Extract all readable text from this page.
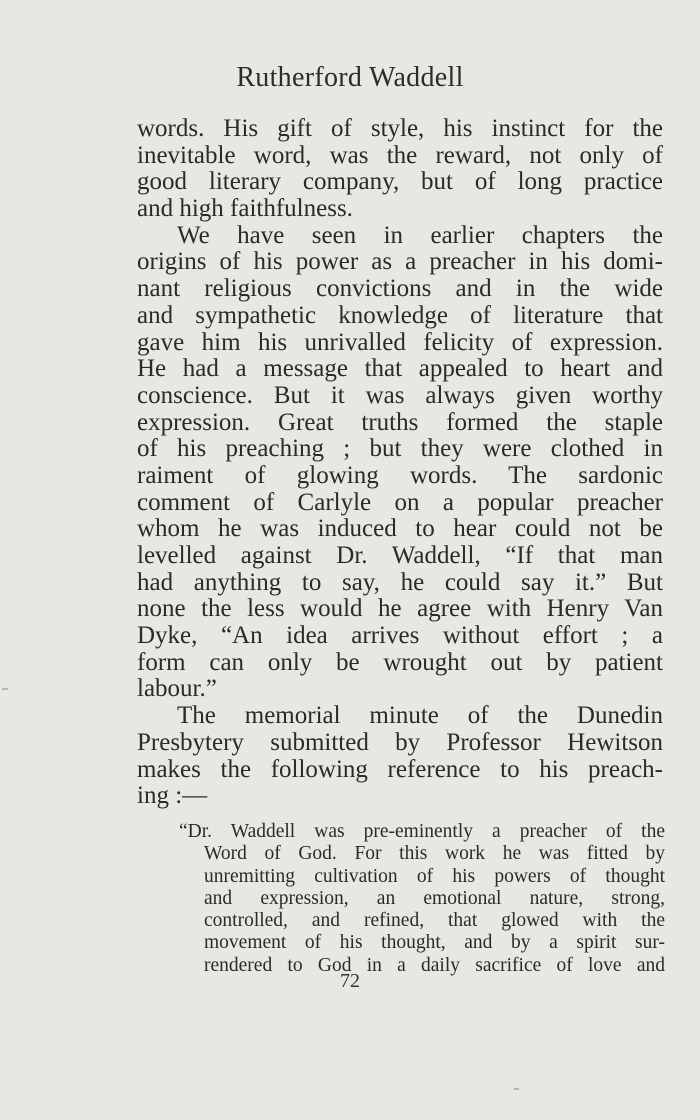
Rutherford Waddell
words. His gift of style, his instinct for the
inevitable word, was the reward, not only of
good literary company, but of long practice
and high faithfulness.
We have seen in earlier chapters the
origins of his power as a preacher in his domi-
nant religious convictions and in the wide
and sympathetic knowledge of literature that
gave him his unrivalled felicity of expression.
He had a message that appealed to heart and
conscience. But it was always given worthy
expression. Great truths formed the staple
of his preaching ; but they were clothed in
raiment of glowing words. The sardonic
comment of Carlyle on a popular preacher
whom he was induced to hear could not be
levelled against Dr. Waddell, “If that man
had anything to say, he could say it.” But
none the less would he agree with Henry Van
Dyke, “An idea arrives without effort ; a
form can only be wrought out by patient
labour.”
The memorial minute of the Dunedin
Presbytery submitted by Professor Hewitson
makes the following reference to his preach-
ing :—
“Dr. Waddell was pre-eminently a preacher of the
Word of God. For this work he was fitted by
unremitting cultivation of his powers of thought
and expression, an emotional nature, strong,
controlled, and refined, that glowed with the
movement of his thought, and by a spirit sur-
rendered to God in a daily sacrifice of love and
72
